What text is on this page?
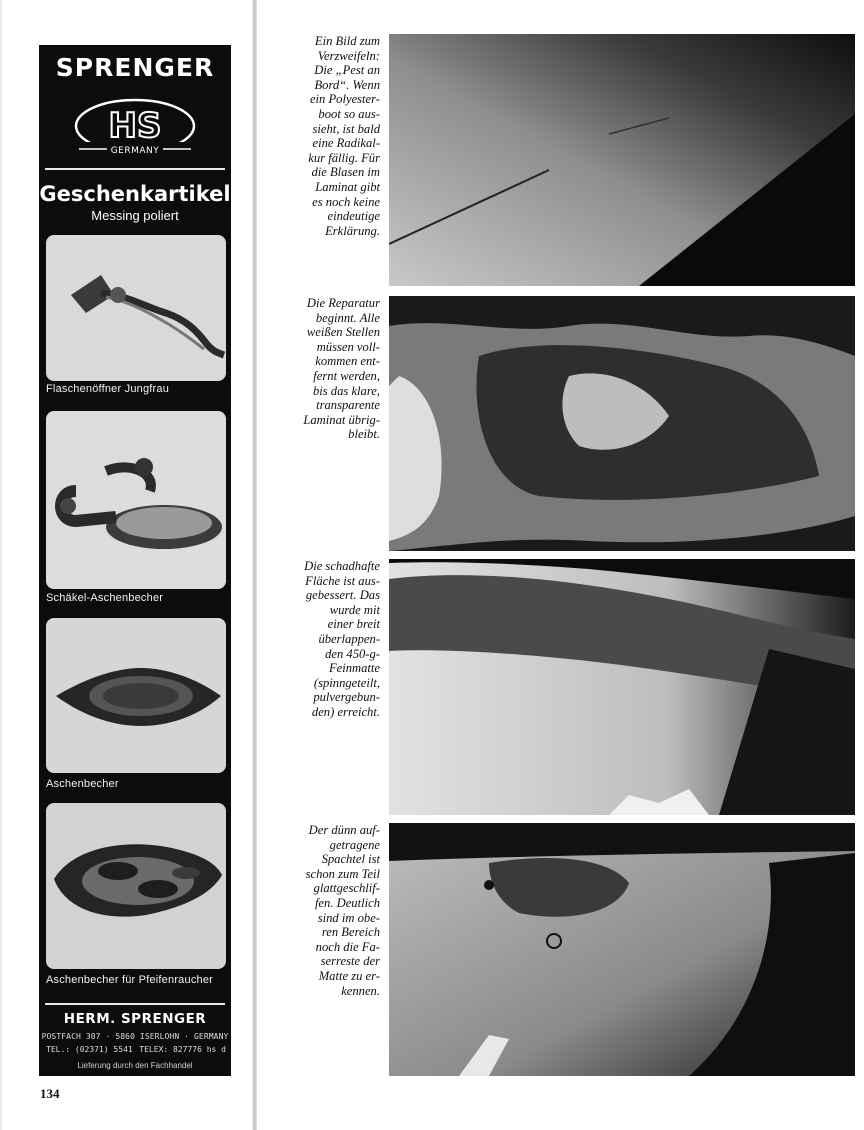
SPRENGER
HS
GERMANY
Geschenkartikel
Messing poliert
Flaschenöffner Jungfrau
Schäkel-Aschenbecher
Aschenbecher
Aschenbecher für Pfeifenraucher
HERM. SPRENGER
POSTFACH 307 · 5860 ISERLOHN · GERMANY
TEL.: (02371) 5541 TELEX: 827776 hs d
Lieferung durch den Fachhandel
134
Ein Bild zum
Verzweifeln:
Die „Pest an
Bord“. Wenn
ein Polyester-
boot so aus-
sieht, ist bald
eine Radikal-
kur fällig. Für
die Blasen im
Laminat gibt
es noch keine
eindeutige
Erklärung.
Die Reparatur
beginnt. Alle
weißen Stellen
müssen voll-
kommen ent-
fernt werden,
bis das klare,
transparente
Laminat übrig-
bleibt.
Die schadhafte
Fläche ist aus-
gebessert. Das
wurde mit
einer breit
überlappen-
den 450-g-
Feinmatte
(spinngeteilt,
pulvergebun-
den) erreicht.
Der dünn auf-
getragene
Spachtel ist
schon zum Teil
glattgeschlif-
fen. Deutlich
sind im obe-
ren Bereich
noch die Fa-
serreste der
Matte zu er-
kennen.
